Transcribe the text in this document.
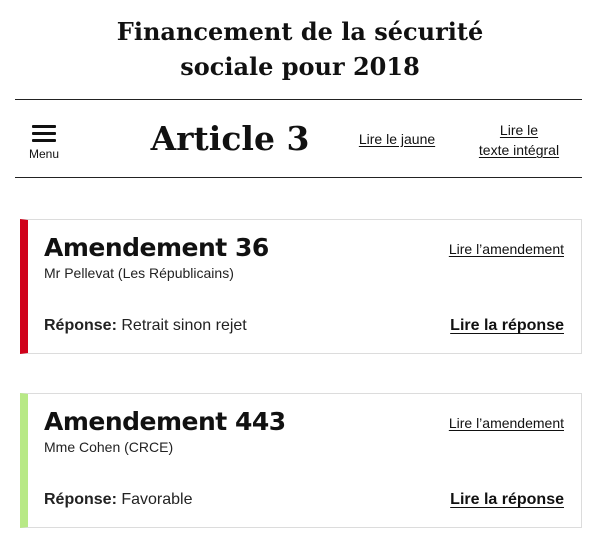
Financement de la sécurité
sociale pour 2018
Menu	Article 3	Lire le jaune
Lire le
texte intégral
Amendement 36
Mr Pellevat (Les Républicains)
Lire l’amendement
Réponse: Retrait sinon rejet	Lire la réponse
Amendement 443
Mme Cohen (CRCE)
Lire l’amendement
Réponse: Favorable	Lire la réponse
